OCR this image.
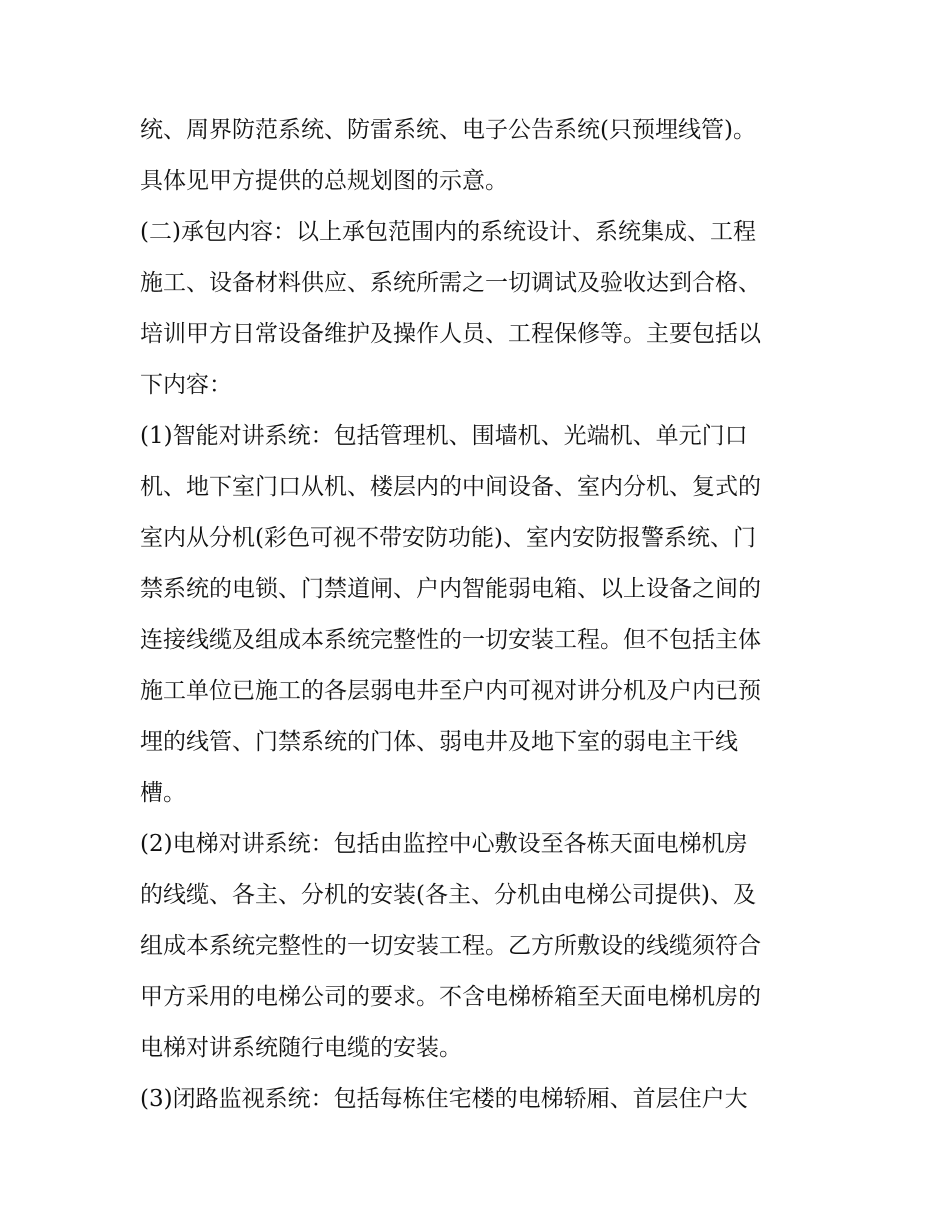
统、周界防范系统、防雷系统、电子公告系统(只预埋线管)。

具体见甲方提供的总规划图的示意。

(二)承包内容：以上承包范围内的系统设计、系统集成、工程

施工、设备材料供应、系统所需之一切调试及验收达到合格、

培训甲方日常设备维护及操作人员、工程保修等。主要包括以

下内容：

(1)智能对讲系统：包括管理机、围墙机、光端机、单元门口

机、地下室门口从机、楼层内的中间设备、室内分机、复式的

室内从分机(彩色可视不带安防功能)、室内安防报警系统、门

禁系统的电锁、门禁道闸、户内智能弱电箱、以上设备之间的

连接线缆及组成本系统完整性的一切安装工程。但不包括主体

施工单位已施工的各层弱电井至户内可视对讲分机及户内已预

埋的线管、门禁系统的门体、弱电井及地下室的弱电主干线

槽。

(2)电梯对讲系统：包括由监控中心敷设至各栋天面电梯机房

的线缆、各主、分机的安装(各主、分机由电梯公司提供)、及

组成本系统完整性的一切安装工程。乙方所敷设的线缆须符合

甲方采用的电梯公司的要求。不含电梯桥箱至天面电梯机房的

电梯对讲系统随行电缆的安装。

(3)闭路监视系统：包括每栋住宅楼的电梯轿厢、首层住户大
